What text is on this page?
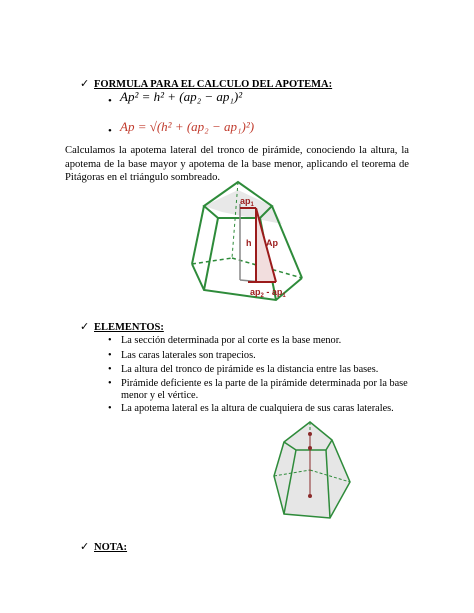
✓ FORMULA PARA EL CALCULO DEL APOTEMA:
• Ap² = h² + (ap₂ − ap₁)²
• Ap = √(h² + (ap₂ − ap₁)²)
Calculamos la apotema lateral del tronco de pirámide, conociendo la altura, la apotema de la base mayor y apotema de la base menor, aplicando el teorema de Pitágoras en el triángulo sombreado.
$ap_1$
h Ap
$ap_2 - ap_1$
✓ ELEMENTOS:
• La sección determinada por al corte es la base menor.
• Las caras laterales son trapecios.
• La altura del tronco de pirámide es la distancia entre las bases.
• Pirámide deficiente es la parte de la pirámide determinada por la base
menor y el vértice.
• La apotema lateral es la altura de cualquiera de sus caras laterales.
✓ NOTA:
